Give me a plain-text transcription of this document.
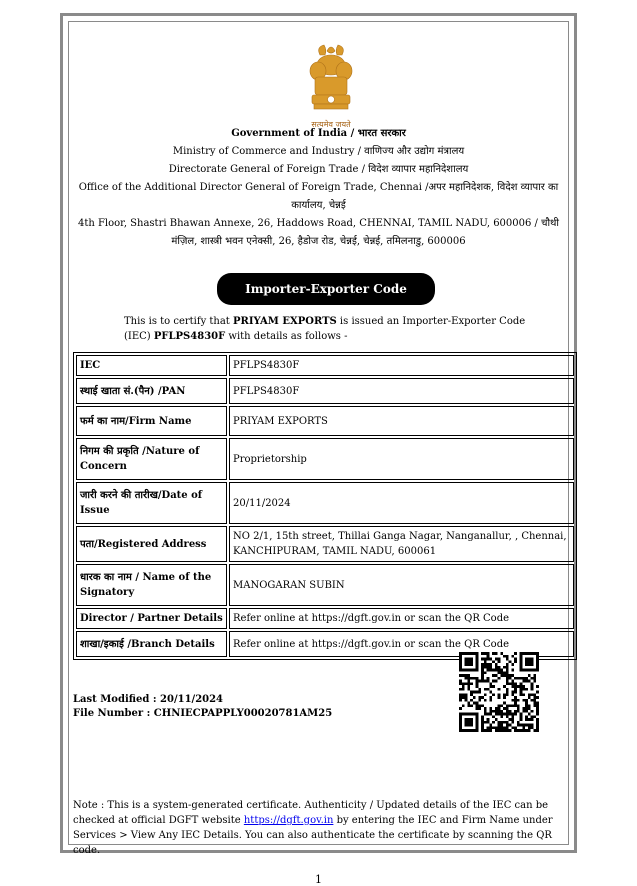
सत्यमेव जयते
Government of India / भारत सरकार
Ministry of Commerce and Industry / वाणिज्य और उद्योग मंत्रालय
Directorate General of Foreign Trade / विदेश व्यापार महानिदेशालय
Office of the Additional Director General of Foreign Trade, Chennai /अपर महानिदेशक, विदेश व्यापार का कार्यालय, चेन्नई
4th Floor, Shastri Bhawan Annexe, 26, Haddows Road, CHENNAI, TAMIL NADU, 600006 / चौथी मंज़िल, शास्त्री भवन एनेक्सी, 26, हैडोज रोड, चेन्नई, चेन्नई, तमिलनाडु, 600006
Importer-Exporter Code
This is to certify that PRIYAM EXPORTS is issued an Importer-Exporter Code (IEC) PFLPS4830F with details as follows -
IEC	PFLPS4830F
स्थाई खाता सं.(पैन) /PAN	PFLPS4830F
फर्म का नाम/Firm Name	PRIYAM EXPORTS
निगम की प्रकृति /Nature of Concern	Proprietorship
जारी करने की तारीख/Date of Issue	20/11/2024
पता/Registered Address	NO 2/1, 15th street, Thillai Ganga Nagar, Nanganallur, , Chennai, KANCHIPURAM, TAMIL NADU, 600061
धारक का नाम / Name of the Signatory	MANOGARAN SUBIN
Director / Partner Details	Refer online at https://dgft.gov.in or scan the QR Code
शाखा/इकाई /Branch Details	Refer online at https://dgft.gov.in or scan the QR Code
Last Modified : 20/11/2024
File Number : CHNIECPAPPLY00020781AM25
Note : This is a system-generated certificate. Authenticity / Updated details of the IEC can be checked at official DGFT website https://dgft.gov.in by entering the IEC and Firm Name under Services > View Any IEC Details. You can also authenticate the certificate by scanning the QR code.
1
